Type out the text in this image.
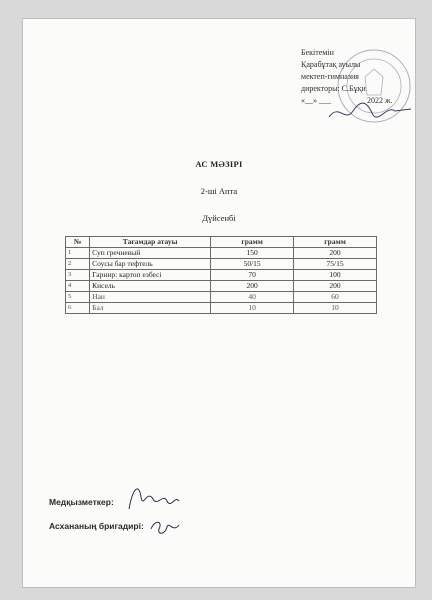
Бекітемін
Қарабұтақ ауылы
мектеп-гимназия
директоры: С.Бұқи
«__» ___	2022 ж.
АС МӘЗІРІ
2-ші Апта
Дүйсенбі
№	Тағамдар атауы	грамм	грамм
1	Суп гречневый	150	200
2	Соусы бар тефтель	50/15	75/15
3	Гарнир: картоп езбесі	70	100
4	Кисель	200	200
5	Нан	40	60
6	Бал	10	10
Медқызметкер:
Асхананың бригадирі:
